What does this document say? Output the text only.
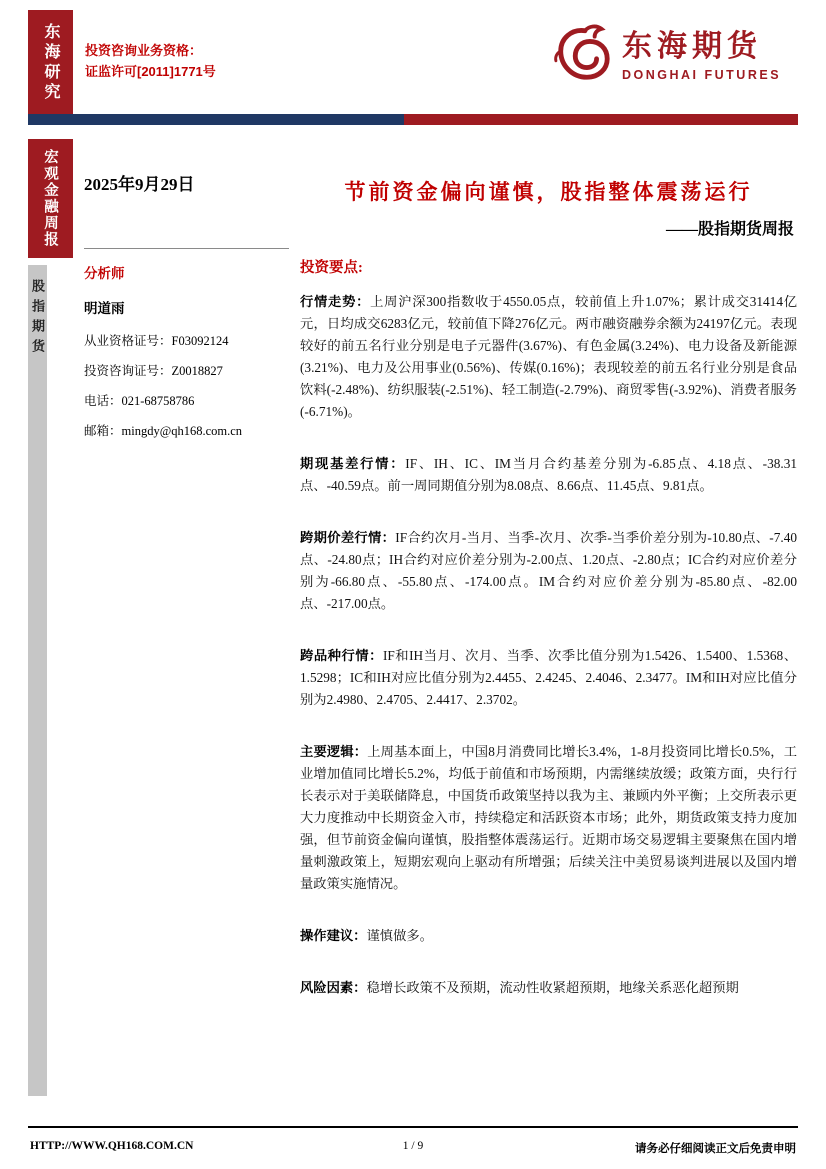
东海研究 投资咨询业务资格：
证监许可[2011]1771号
东海期货
DONGHAI FUTURES
宏观金融周报
股指期货
2025年9月29日	节前资金偏向谨慎，股指整体震荡运行
——股指期货周报
分析师
明道雨
从业资格证号：F03092124
投资咨询证号：Z0018827
电话：021-68758786
邮箱：mingdy@qh168.com.cn
投资要点:

行情走势：上周沪深300指数收于4550.05点，较前值上升1.07%；累计成交31414亿元，日均成交6283亿元，较前值下降276亿元。两市融资融券余额为24197亿元。表现较好的前五名行业分别是电子元器件(3.67%)、有色金属(3.24%)、电力设备及新能源(3.21%)、电力及公用事业(0.56%)、传媒(0.16%)；表现较差的前五名行业分别是食品饮料(-2.48%)、纺织服装(-2.51%)、轻工制造(-2.79%)、商贸零售(-3.92%)、消费者服务(-6.71%)。

期现基差行情：IF、IH、IC、IM当月合约基差分别为-6.85点、4.18点、-38.31点、-40.59点。前一周同期值分别为8.08点、8.66点、11.45点、9.81点。

跨期价差行情：IF合约次月-当月、当季-次月、次季-当季价差分别为-10.80点、-7.40点、-24.80点；IH合约对应价差分别为-2.00点、1.20点、-2.80点；IC合约对应价差分别为-66.80点、-55.80点、-174.00点。IM合约对应价差分别为-85.80点、-82.00点、-217.00点。

跨品种行情：IF和IH当月、次月、当季、次季比值分别为1.5426、1.5400、1.5368、1.5298；IC和IH对应比值分别为2.4455、2.4245、2.4046、2.3477。IM和IH对应比值分别为2.4980、2.4705、2.4417、2.3702。

主要逻辑：上周基本面上，中国8月消费同比增长3.4%，1-8月投资同比增长0.5%，工业增加值同比增长5.2%，均低于前值和市场预期，内需继续放缓；政策方面，央行行长表示对于美联储降息，中国货币政策坚持以我为主、兼顾内外平衡；上交所表示更大力度推动中长期资金入市，持续稳定和活跃资本市场；此外，期货政策支持力度加强，但节前资金偏向谨慎，股指整体震荡运行。近期市场交易逻辑主要聚焦在国内增量刺激政策上，短期宏观向上驱动有所增强；后续关注中美贸易谈判进展以及国内增量政策实施情况。

操作建议：谨慎做多。

风险因素：稳增长政策不及预期，流动性收紧超预期，地缘关系恶化超预期

HTTP://WWW.QH168.COM.CN	1 / 9	请务必仔细阅读正文后免责申明
